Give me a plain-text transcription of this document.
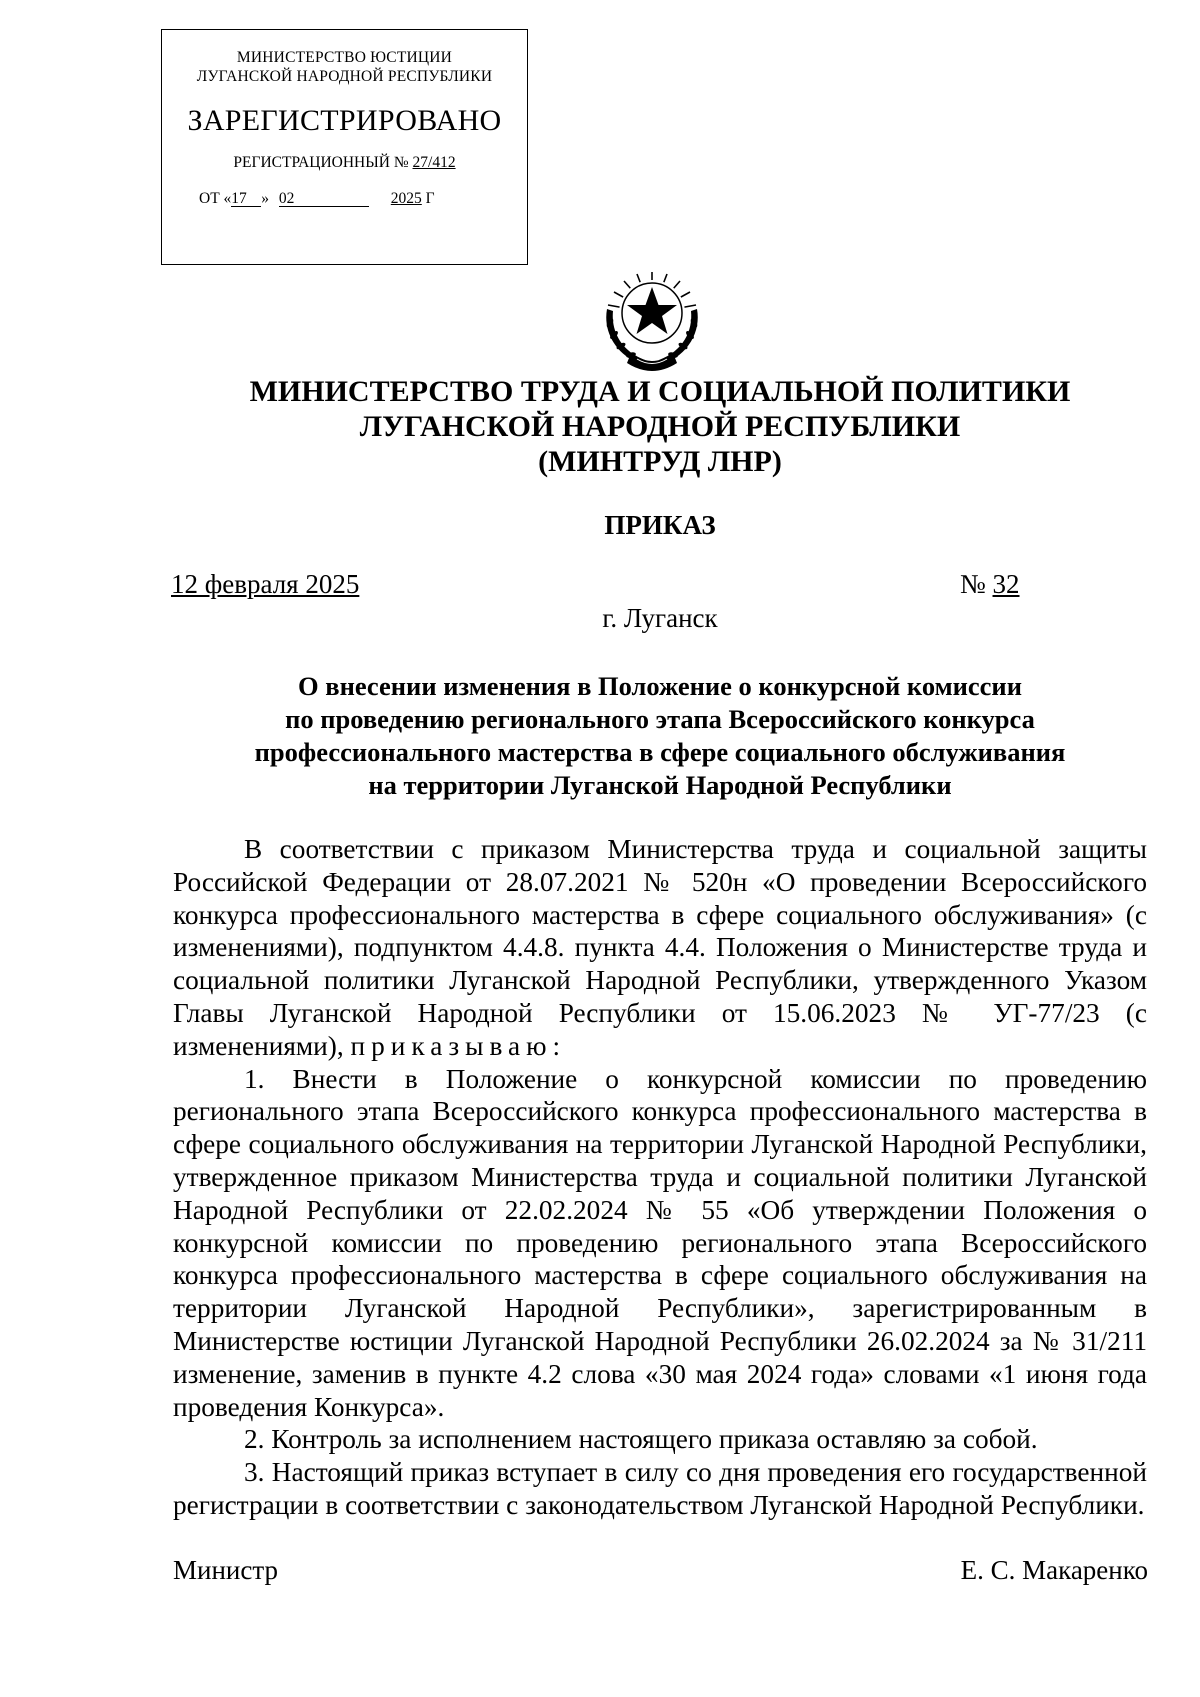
МИНИСТЕРСТВО ЮСТИЦИИ
ЛУГАНСКОЙ НАРОДНОЙ РЕСПУБЛИКИ
ЗАРЕГИСТРИРОВАНО
РЕГИСТРАЦИОННЫЙ № 27/412
ОТ «17 » 02	2025 Г
МИНИСТЕРСТВО ТРУДА И СОЦИАЛЬНОЙ ПОЛИТИКИ
ЛУГАНСКОЙ НАРОДНОЙ РЕСПУБЛИКИ
(МИНТРУД ЛНР)
ПРИКАЗ
12 февраля 2025	№ 32
г. Луганск
О внесении изменения в Положение о конкурсной комиссии
по проведению регионального этапа Всероссийского конкурса
профессионального мастерства в сфере социального обслуживания
на территории Луганской Народной Республики

В соответствии с приказом Министерства труда и социальной защиты Российской Федерации от 28.07.2021 № 520н «О проведении Всероссийского конкурса профессионального мастерства в сфере социального обслуживания» (с изменениями), подпунктом 4.4.8. пункта 4.4. Положения о Министерстве труда и социальной политики Луганской Народной Республики, утвержденного Указом Главы Луганской Народной Республики от 15.06.2023 № УГ-77/23 (с изменениями), приказываю:

1. Внести в Положение о конкурсной комиссии по проведению регионального этапа Всероссийского конкурса профессионального мастерства в сфере социального обслуживания на территории Луганской Народной Республики, утвержденное приказом Министерства труда и социальной политики Луганской Народной Республики от 22.02.2024 № 55 «Об утверждении Положения о конкурсной комиссии по проведению регионального этапа Всероссийского конкурса профессионального мастерства в сфере социального обслуживания на территории Луганской Народной Республики», зарегистрированным в Министерстве юстиции Луганской Народной Республики 26.02.2024 за № 31/211 изменение, заменив в пункте 4.2 слова «30 мая 2024 года» словами «1 июня года проведения Конкурса».

2. Контроль за исполнением настоящего приказа оставляю за собой.

3. Настоящий приказ вступает в силу со дня проведения его государственной регистрации в соответствии с законодательством Луганской Народной Республики.

Министр	Е. С. Макаренко
